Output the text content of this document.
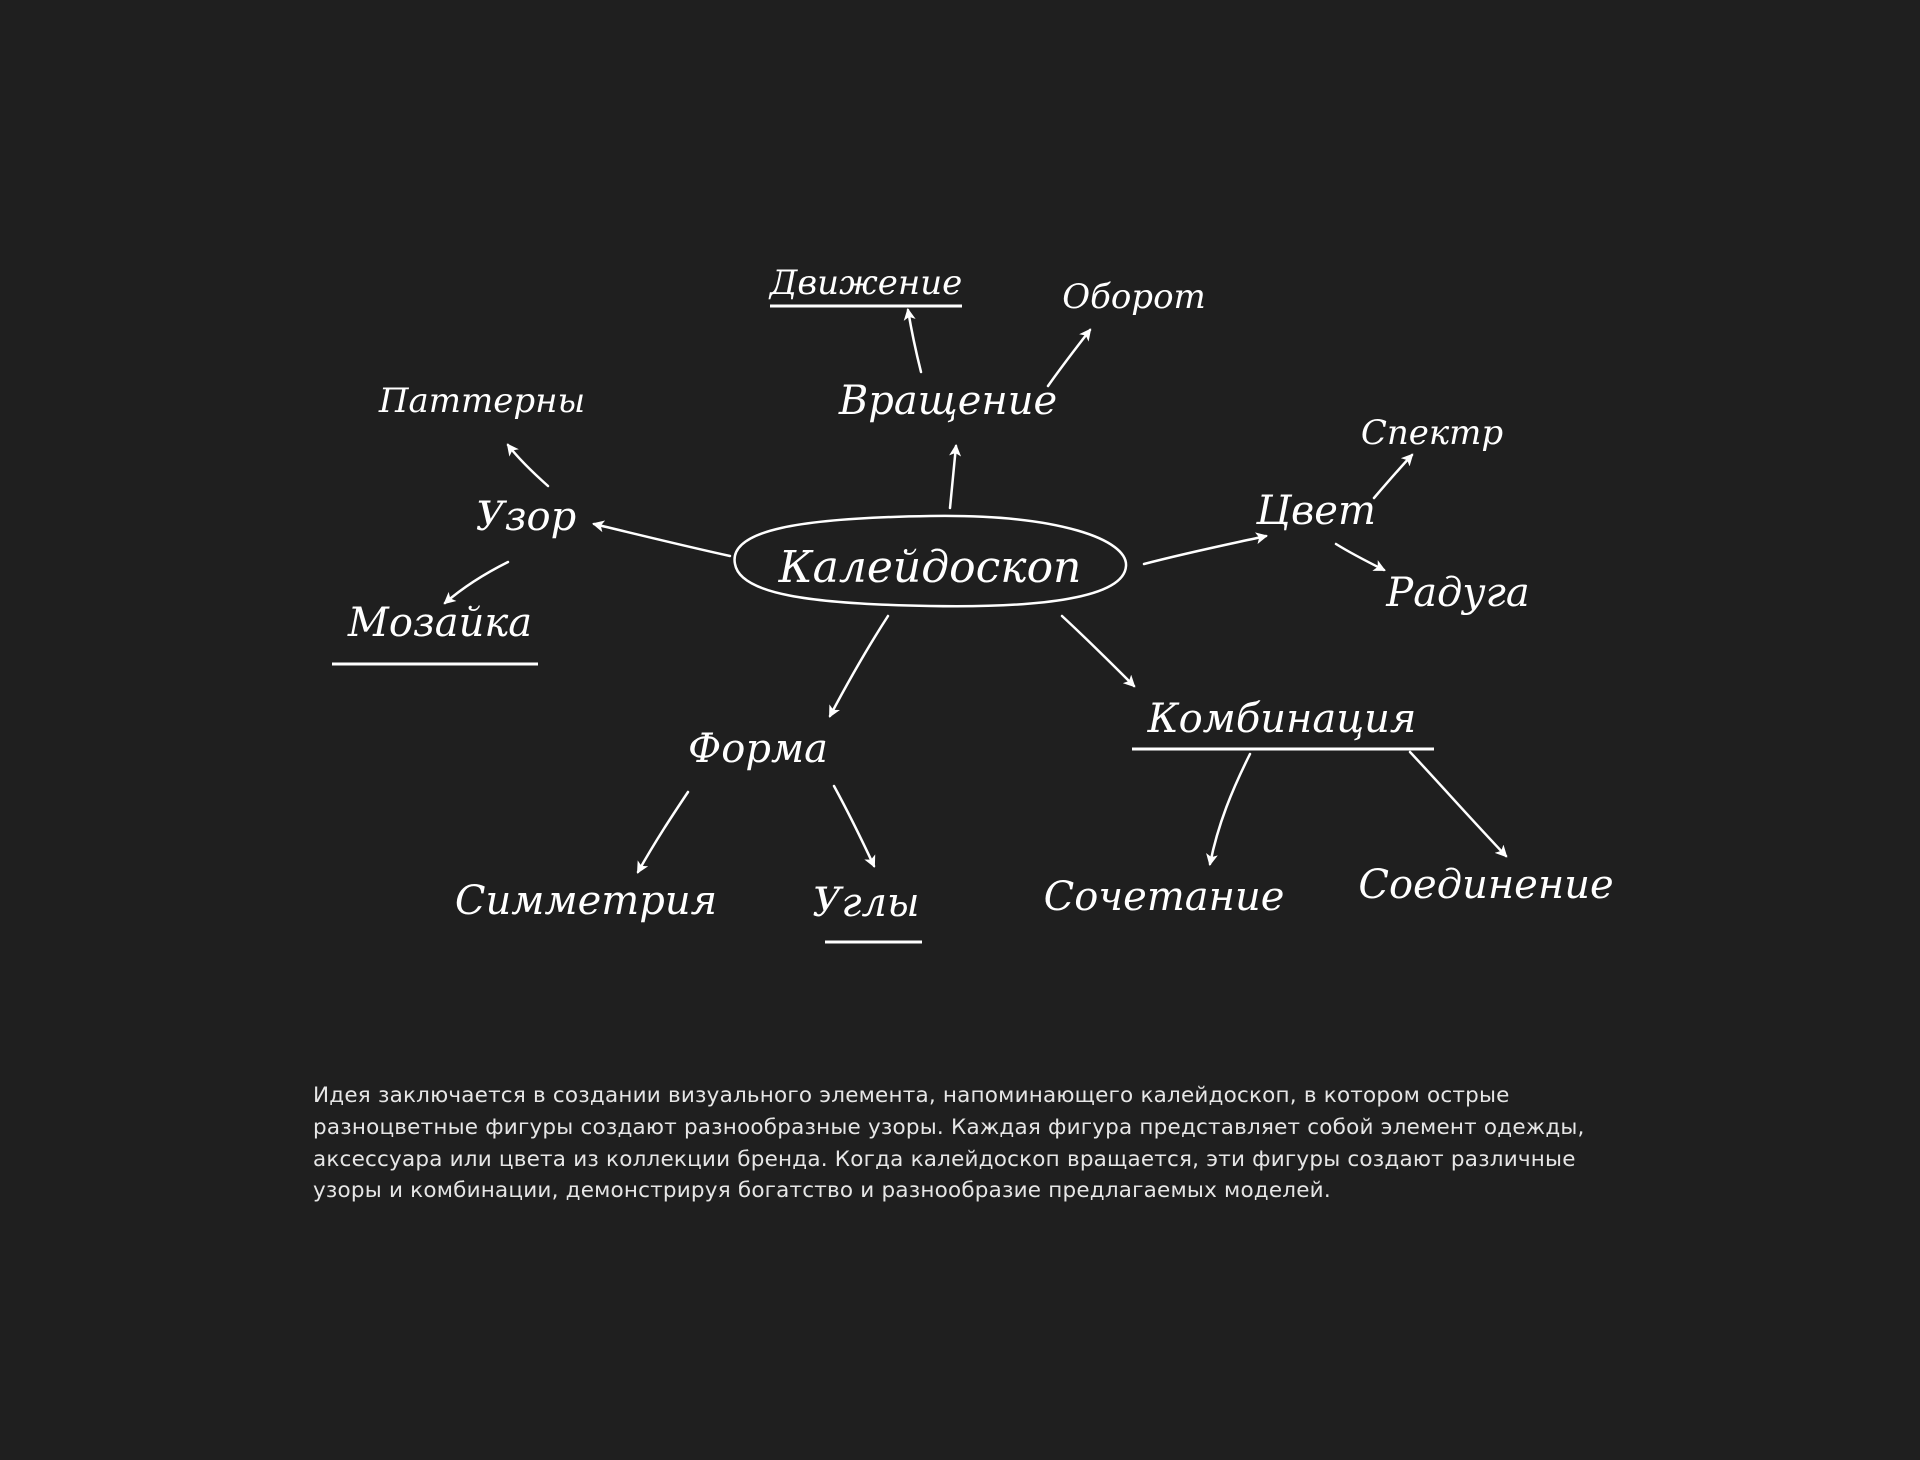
Калейдоскоп
Узор
Паттерны
Мозайка
Вращение
Движение	Оборот
Цвет
Спектр
Радуга
Форма
Симметрия Углы
Комбинация
Сочетание Соединение

Идея заключается в создании визуального элемента, напоминающего калейдоскоп, в котором острые разноцветные фигуры создают разнообразные узоры. Каждая фигура представляет собой элемент одежды, аксессуара или цвета из коллекции бренда. Когда калейдоскоп вращается, эти фигуры создают различные узоры и комбинации, демонстрируя богатство и разнообразие предлагаемых моделей.
